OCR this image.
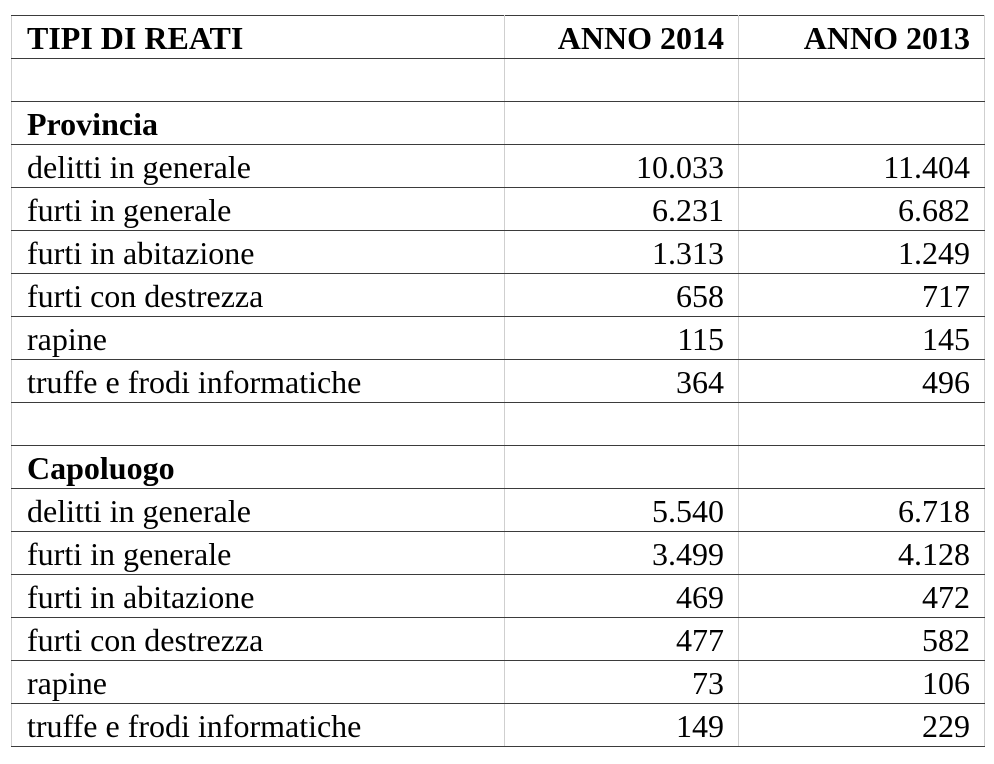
TIPI DI REATI	ANNO 2014	ANNO 2013

Provincia		
delitti in generale	10.033	11.404
furti in generale	6.231	6.682
furti in abitazione	1.313	1.249
furti con destrezza	658	717
rapine	115	145
truffe e frodi informatiche	364	496

Capoluogo		
delitti in generale	5.540	6.718
furti in generale	3.499	4.128
furti in abitazione	469	472
furti con destrezza	477	582
rapine	73	106
truffe e frodi informatiche	149	229
